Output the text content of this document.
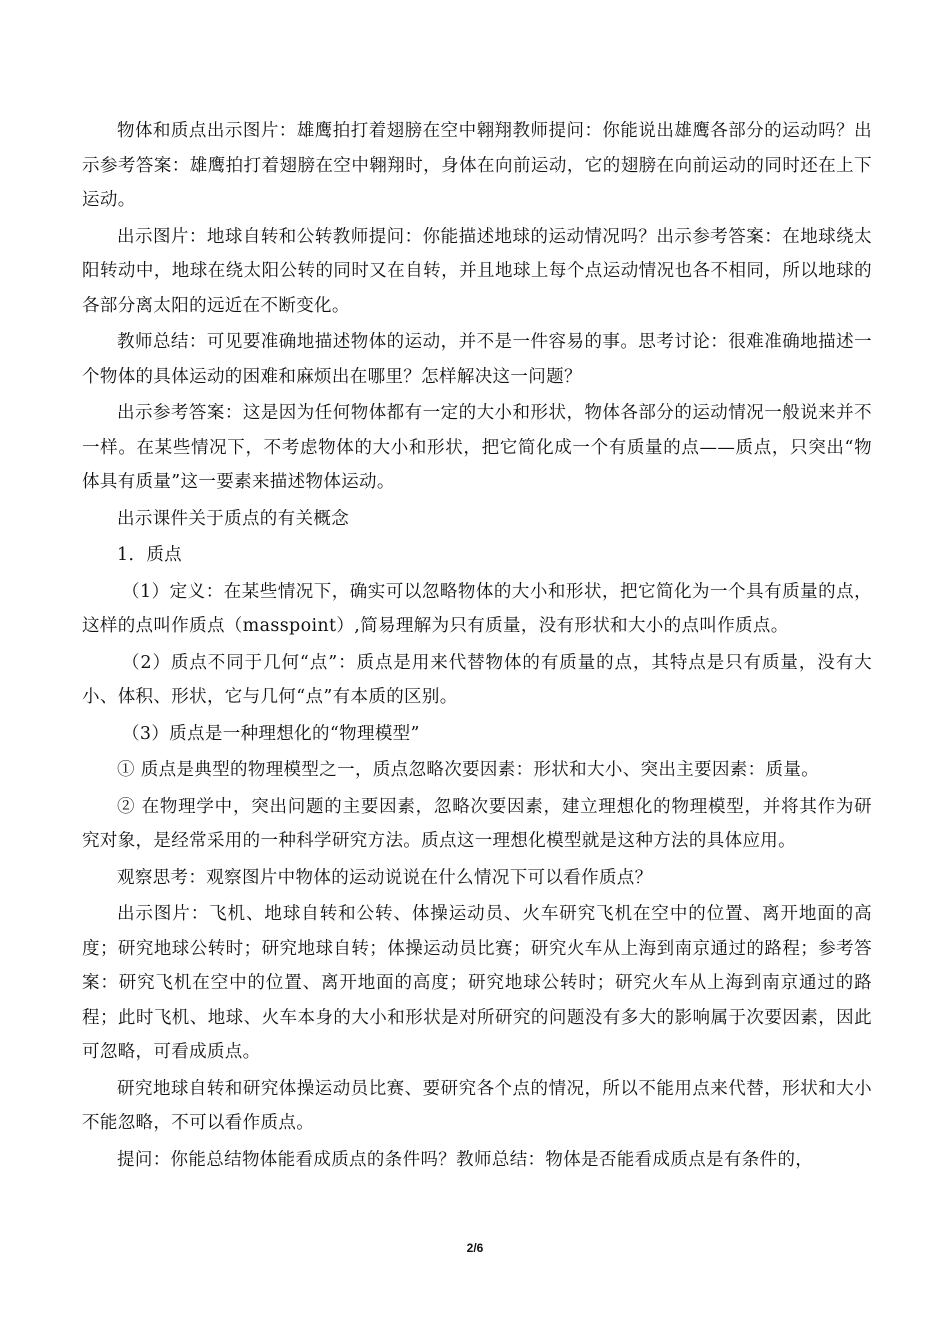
物体和质点出示图片：雄鹰拍打着翅膀在空中翱翔教师提问：你能说出雄鹰各部分的运动吗？出示参考答案：雄鹰拍打着翅膀在空中翱翔时，身体在向前运动，它的翅膀在向前运动的同时还在上下运动。

出示图片：地球自转和公转教师提问：你能描述地球的运动情况吗？出示参考答案：在地球绕太阳转动中，地球在绕太阳公转的同时又在自转，并且地球上每个点运动情况也各不相同，所以地球的各部分离太阳的远近在不断变化。

教师总结：可见要准确地描述物体的运动，并不是一件容易的事。思考讨论：很难准确地描述一个物体的具体运动的困难和麻烦出在哪里？怎样解决这一问题？

出示参考答案：这是因为任何物体都有一定的大小和形状，物体各部分的运动情况一般说来并不一样。在某些情况下，不考虑物体的大小和形状，把它简化成一个有质量的点——质点，只突出“物体具有质量”这一要素来描述物体运动。

出示课件关于质点的有关概念

1．质点

（1）定义：在某些情况下，确实可以忽略物体的大小和形状，把它简化为一个具有质量的点，这样的点叫作质点（masspoint）,简易理解为只有质量，没有形状和大小的点叫作质点。

（2）质点不同于几何“点”：质点是用来代替物体的有质量的点，其特点是只有质量，没有大小、体积、形状，它与几何“点”有本质的区别。

（3）质点是一种理想化的“物理模型”

① 质点是典型的物理模型之一，质点忽略次要因素：形状和大小、突出主要因素：质量。

② 在物理学中，突出问题的主要因素，忽略次要因素，建立理想化的物理模型，并将其作为研究对象，是经常采用的一种科学研究方法。质点这一理想化模型就是这种方法的具体应用。

观察思考：观察图片中物体的运动说说在什么情况下可以看作质点？

出示图片：飞机、地球自转和公转、体操运动员、火车研究飞机在空中的位置、离开地面的高度；研究地球公转时；研究地球自转；体操运动员比赛；研究火车从上海到南京通过的路程；参考答案：研究飞机在空中的位置、离开地面的高度；研究地球公转时；研究火车从上海到南京通过的路程；此时飞机、地球、火车本身的大小和形状是对所研究的问题没有多大的影响属于次要因素，因此可忽略，可看成质点。

研究地球自转和研究体操运动员比赛、要研究各个点的情况，所以不能用点来代替，形状和大小不能忽略，不可以看作质点。

提问：你能总结物体能看成质点的条件吗？教师总结：物体是否能看成质点是有条件的，

2/6
